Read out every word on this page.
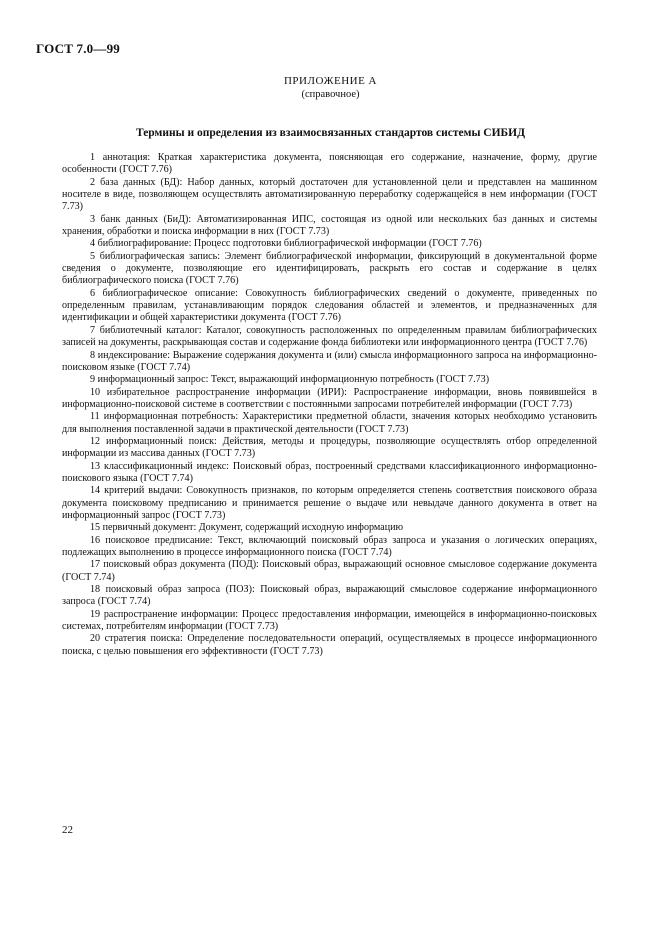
ГОСТ 7.0—99
ПРИЛОЖЕНИЕ А
(справочное)
Термины и определения из взаимосвязанных стандартов системы СИБИД

1 аннотация: Краткая характеристика документа, поясняющая его содержание, назначение, форму, другие особенности (ГОСТ 7.76)

2 база данных (БД): Набор данных, который достаточен для установленной цели и представлен на машинном носителе в виде, позволяющем осуществлять автоматизированную переработку содержащейся в нем информации (ГОСТ 7.73)

3 банк данных (БиД): Автоматизированная ИПС, состоящая из одной или нескольких баз данных и системы хранения, обработки и поиска информации в них (ГОСТ 7.73)

4 библиографирование: Процесс подготовки библиографической информации (ГОСТ 7.76)

5 библиографическая запись: Элемент библиографической информации, фиксирующий в документальной форме сведения о документе, позволяющие его идентифицировать, раскрыть его состав и содержание в целях библиографического поиска (ГОСТ 7.76)

6 библиографическое описание: Совокупность библиографических сведений о документе, приведенных по определенным правилам, устанавливающим порядок следования областей и элементов, и предназначенных для идентификации и общей характеристики документа (ГОСТ 7.76)

7 библиотечный каталог: Каталог, совокупность расположенных по определенным правилам библиографических записей на документы, раскрывающая состав и содержание фонда библиотеки или информационного центра (ГОСТ 7.76)

8 индексирование: Выражение содержания документа и (или) смысла информационного запроса на информационно-поисковом языке (ГОСТ 7.74)

9 информационный запрос: Текст, выражающий информационную потребность (ГОСТ 7.73)

10 избирательное распространение информации (ИРИ): Распространение информации, вновь появившейся в информационно-поисковой системе в соответствии с постоянными запросами потребителей информации (ГОСТ 7.73)

11 информационная потребность: Характеристики предметной области, значения которых необходимо установить для выполнения поставленной задачи в практической деятельности (ГОСТ 7.73)

12 информационный поиск: Действия, методы и процедуры, позволяющие осуществлять отбор определенной информации из массива данных (ГОСТ 7.73)

13 классификационный индекс: Поисковый образ, построенный средствами классификационного информационно-поискового языка (ГОСТ 7.74)

14 критерий выдачи: Совокупность признаков, по которым определяется степень соответствия поискового образа документа поисковому предписанию и принимается решение о выдаче или невыдаче данного документа в ответ на информационный запрос (ГОСТ 7.73)

15 первичный документ: Документ, содержащий исходную информацию

16 поисковое предписание: Текст, включающий поисковый образ запроса и указания о логических операциях, подлежащих выполнению в процессе информационного поиска (ГОСТ 7.74)

17 поисковый образ документа (ПОД): Поисковый образ, выражающий основное смысловое содержание документа (ГОСТ 7.74)

18 поисковый образ запроса (ПОЗ): Поисковый образ, выражающий смысловое содержание информационного запроса (ГОСТ 7.74)

19 распространение информации: Процесс предоставления информации, имеющейся в информационно-поисковых системах, потребителям информации (ГОСТ 7.73)

20 стратегия поиска: Определение последовательности операций, осуществляемых в процессе информационного поиска, с целью повышения его эффективности (ГОСТ 7.73)

22
